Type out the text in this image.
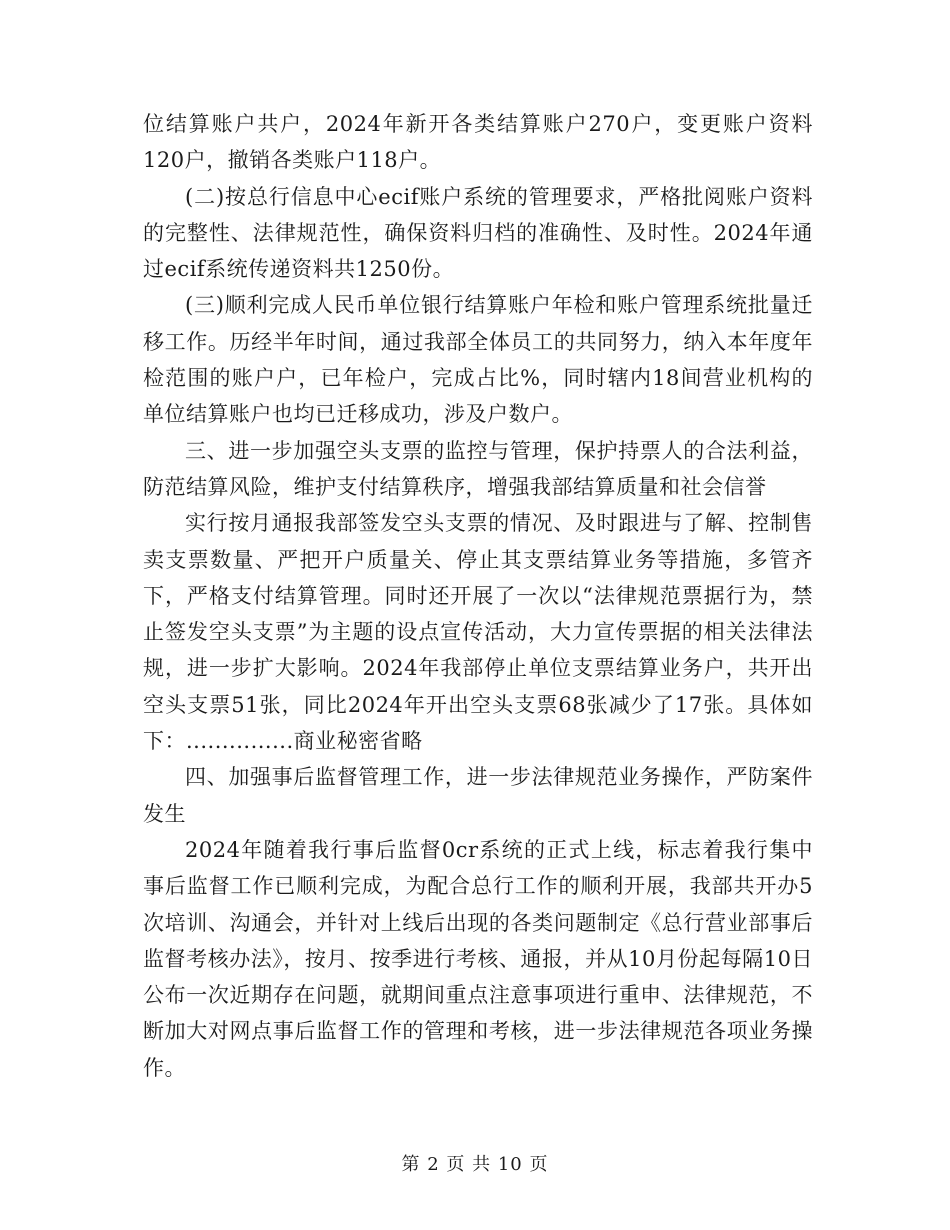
位结算账户共户，2024年新开各类结算账户270户，变更账户资料120户，撤销各类账户118户。

(二)按总行信息中心ecif账户系统的管理要求，严格批阅账户资料的完整性、法律规范性，确保资料归档的准确性、及时性。2024年通过ecif系统传递资料共1250份。

(三)顺利完成人民币单位银行结算账户年检和账户管理系统批量迁移工作。历经半年时间，通过我部全体员工的共同努力，纳入本年度年检范围的账户户，已年检户，完成占比%，同时辖内18间营业机构的单位结算账户也均已迁移成功，涉及户数户。

三、进一步加强空头支票的监控与管理，保护持票人的合法利益，防范结算风险，维护支付结算秩序，增强我部结算质量和社会信誉

实行按月通报我部签发空头支票的情况、及时跟进与了解、控制售卖支票数量、严把开户质量关、停止其支票结算业务等措施，多管齐下，严格支付结算管理。同时还开展了一次以“法律规范票据行为，禁止签发空头支票”为主题的设点宣传活动，大力宣传票据的相关法律法规，进一步扩大影响。2024年我部停止单位支票结算业务户，共开出空头支票51张，同比2024年开出空头支票68张减少了17张。具体如下：...............商业秘密省略

四、加强事后监督管理工作，进一步法律规范业务操作，严防案件发生

2024年随着我行事后监督0cr系统的正式上线，标志着我行集中事后监督工作已顺利完成，为配合总行工作的顺利开展，我部共开办5次培训、沟通会，并针对上线后出现的各类问题制定《总行营业部事后监督考核办法》，按月、按季进行考核、通报，并从10月份起每隔10日公布一次近期存在问题，就期间重点注意事项进行重申、法律规范，不断加大对网点事后监督工作的管理和考核，进一步法律规范各项业务操作。

第 2 页 共 10 页
